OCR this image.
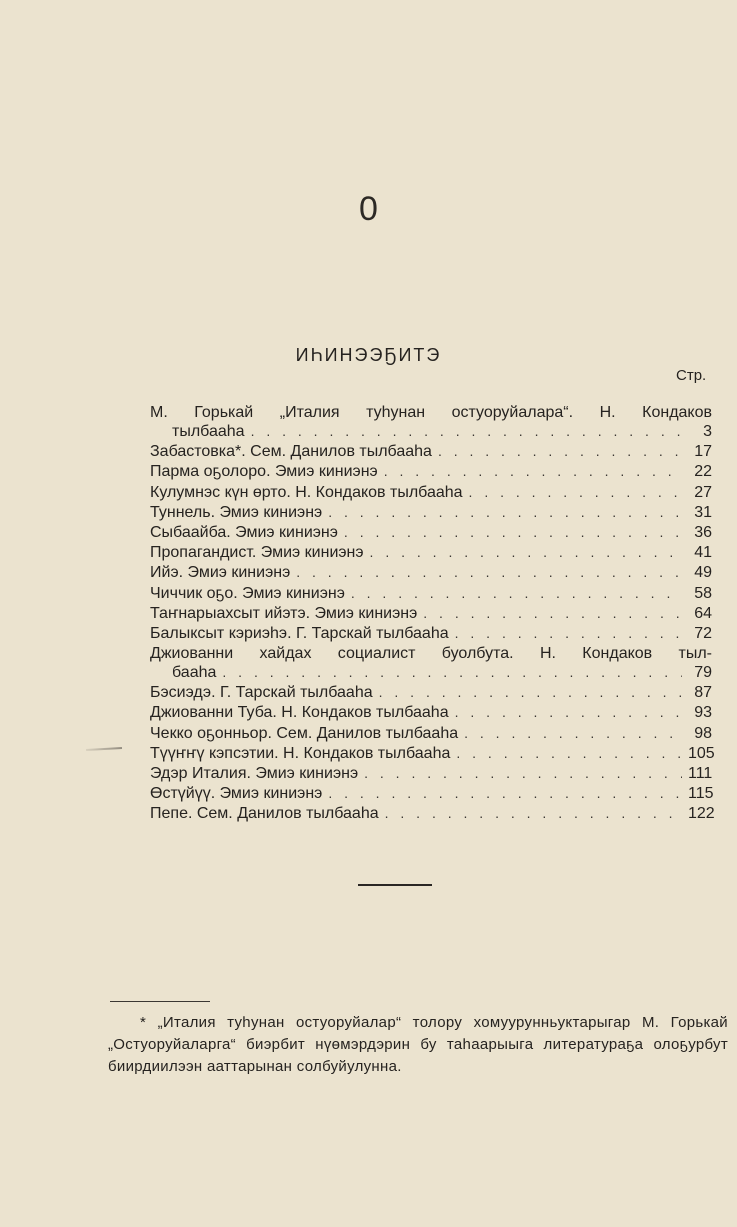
0
ИҺИНЭЭҔИТЭ
Стр.
М. Горькай „Италия туһунан остуоруйалара“. Н. Кондаков
тылбааһа . . .	3
Забастовка*. Сем. Данилов тылбааһа . . .	17
Парма оҕолоро. Эмиэ киниэнэ . . .	22
Кулумнэс күн өрто. Н. Кондаков тылбааһа . . .	27
Туннель. Эмиэ киниэнэ . . .	31
Сыбаайба. Эмиэ киниэнэ . . .	36
Пропагандист. Эмиэ киниэнэ . . .	41
Ийэ. Эмиэ киниэнэ . . .	49
Чиччик оҕо. Эмиэ киниэнэ . . .	58
Таҥнарыахсыт ийэтэ. Эмиэ киниэнэ . . .	64
Балыксыт кэриэһэ. Г. Тарскай тылбааһа . . .	72
Джиованни хайдах социалист буолбута. Н. Кондаков тыл-
бааһа . . .	79
Бэсиэдэ. Г. Тарскай тылбааһа . . .	87
Джиованни Туба. Н. Кондаков тылбааһа . . .	93
Чекко оҕонньор. Сем. Данилов тылбааһа . . .	98
Түүҥҥү кэпсэтии. Н. Кондаков тылбааһа . . .	105
Эдэр Италия. Эмиэ киниэнэ . . .	111
Өстүйүү. Эмиэ киниэнэ . . .	115
Пепе. Сем. Данилов тылбааһа . . .	122

* „Италия туһунан остуоруйалар“ толору хомуурунньуктарыгар М. Горькай „Остуоруйаларга“ биэрбит нүөмэрдэрин бу таһаарыыга литератураҕа олоҕурбут биирдиилээн ааттарынан солбуйулунна.
